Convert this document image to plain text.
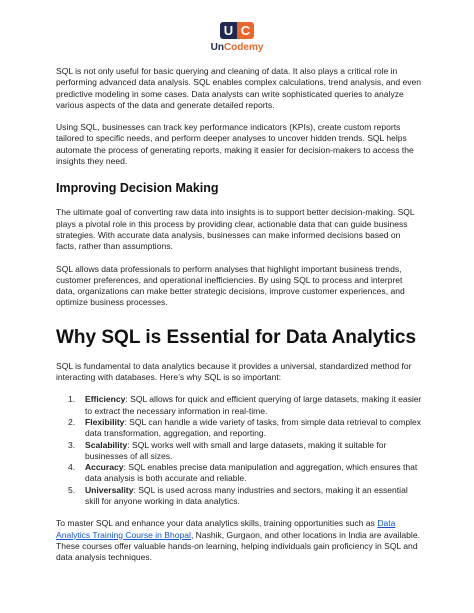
U C
UnCodemy

SQL is not only useful for basic querying and cleaning of data. It also plays a critical role in performing advanced data analysis. SQL enables complex calculations, trend analysis, and even predictive modeling in some cases. Data analysts can write sophisticated queries to analyze various aspects of the data and generate detailed reports.

Using SQL, businesses can track key performance indicators (KPIs), create custom reports tailored to specific needs, and perform deeper analyses to uncover hidden trends. SQL helps automate the process of generating reports, making it easier for decision-makers to access the insights they need.

Improving Decision Making

The ultimate goal of converting raw data into insights is to support better decision-making. SQL plays a pivotal role in this process by providing clear, actionable data that can guide business strategies. With accurate data analysis, businesses can make informed decisions based on facts, rather than assumptions.

SQL allows data professionals to perform analyses that highlight important business trends, customer preferences, and operational inefficiencies. By using SQL to process and interpret data, organizations can make better strategic decisions, improve customer experiences, and optimize business processes.

Why SQL is Essential for Data Analytics

SQL is fundamental to data analytics because it provides a universal, standardized method for interacting with databases. Here’s why SQL is so important:

1. Efficiency: SQL allows for quick and efficient querying of large datasets, making it easier to extract the necessary information in real-time.
2. Flexibility: SQL can handle a wide variety of tasks, from simple data retrieval to complex data transformation, aggregation, and reporting.
3. Scalability: SQL works well with small and large datasets, making it suitable for businesses of all sizes.
4. Accuracy: SQL enables precise data manipulation and aggregation, which ensures that data analysis is both accurate and reliable.
5. Universality: SQL is used across many industries and sectors, making it an essential skill for anyone working in data analytics.

To master SQL and enhance your data analytics skills, training opportunities such as Data Analytics Training Course in Bhopal, Nashik, Gurgaon, and other locations in India are available. These courses offer valuable hands-on learning, helping individuals gain proficiency in SQL and data analysis techniques.
